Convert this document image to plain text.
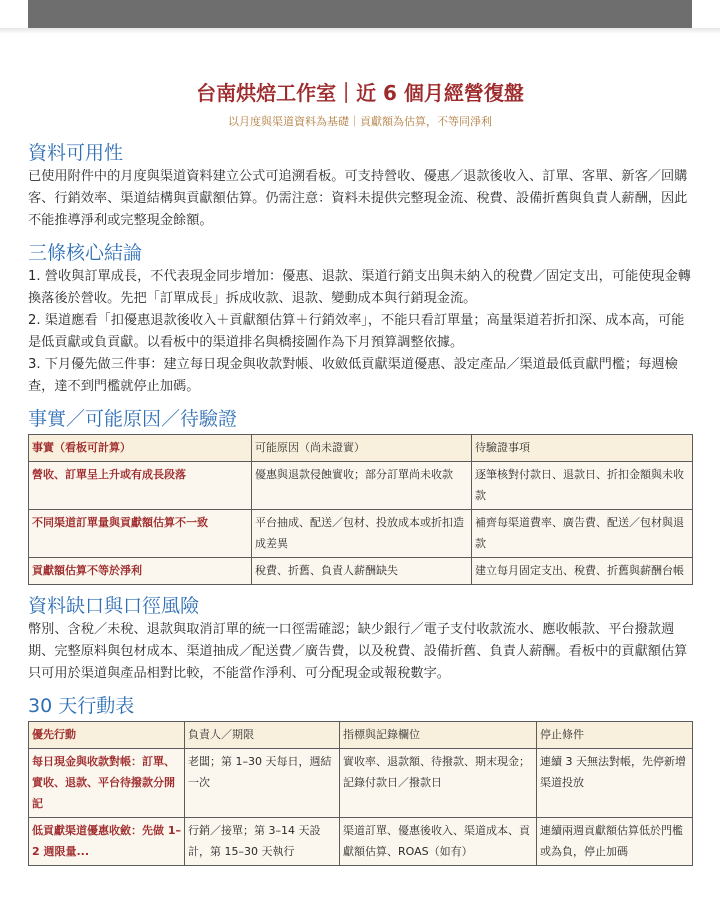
台南烘焙工作室｜近 6 個月經營復盤
以月度與渠道資料為基礎｜貢獻額為估算，不等同淨利
資料可用性

已使用附件中的月度與渠道資料建立公式可追溯看板。可支持營收、優惠／退款後收入、訂單、客單、新客／回購客、行銷效率、渠道結構與貢獻額估算。仍需注意：資料未提供完整現金流、稅費、設備折舊與負責人薪酬，因此不能推導淨利或完整現金餘額。

三條核心結論
1. 營收與訂單成長，不代表現金同步增加：優惠、退款、渠道行銷支出與未納入的稅費／固定支出，可能使現金轉換落後於營收。先把「訂單成長」拆成收款、退款、變動成本與行銷現金流。
2. 渠道應看「扣優惠退款後收入＋貢獻額估算＋行銷效率」，不能只看訂單量；高量渠道若折扣深、成本高，可能是低貢獻或負貢獻。以看板中的渠道排名與橋接圖作為下月預算調整依據。
3. 下月優先做三件事：建立每日現金與收款對帳、收斂低貢獻渠道優惠、設定產品／渠道最低貢獻門檻；每週檢查，達不到門檻就停止加碼。
事實／可能原因／待驗證
事實（看板可計算）	可能原因（尚未證實）	待驗證事項
營收、訂單呈上升或有成長段落	優惠與退款侵蝕實收；部分訂單尚未收款	逐筆核對付款日、退款日、折扣金額與未收款
不同渠道訂單量與貢獻額估算不一致	平台抽成、配送／包材、投放成本或折扣造成差異	補齊每渠道費率、廣告費、配送／包材與退款
貢獻額估算不等於淨利	稅費、折舊、負責人薪酬缺失	建立每月固定支出、稅費、折舊與薪酬台帳
資料缺口與口徑風險

幣別、含稅／未稅、退款與取消訂單的統一口徑需確認；缺少銀行／電子支付收款流水、應收帳款、平台撥款週期、完整原料與包材成本、渠道抽成／配送費／廣告費，以及稅費、設備折舊、負責人薪酬。看板中的貢獻額估算只可用於渠道與產品相對比較，不能當作淨利、可分配現金或報稅數字。

30 天行動表
優先行動	負責人／期限	指標與記錄欄位	停止條件
每日現金與收款對帳：訂單、實收、退款、平台待撥款分開記	老闆；第 1–30 天每日，週結一次	實收率、退款額、待撥款、期末現金；記錄付款日／撥款日	連續 3 天無法對帳，先停新增渠道投放
低貢獻渠道優惠收斂：先做 1–2 週限量...	行銷／接單；第 3–14 天設計，第 15–30 天執行	渠道訂單、優惠後收入、渠道成本、貢獻額估算、ROAS（如有）	連續兩週貢獻額估算低於門檻或為負，停止加碼
